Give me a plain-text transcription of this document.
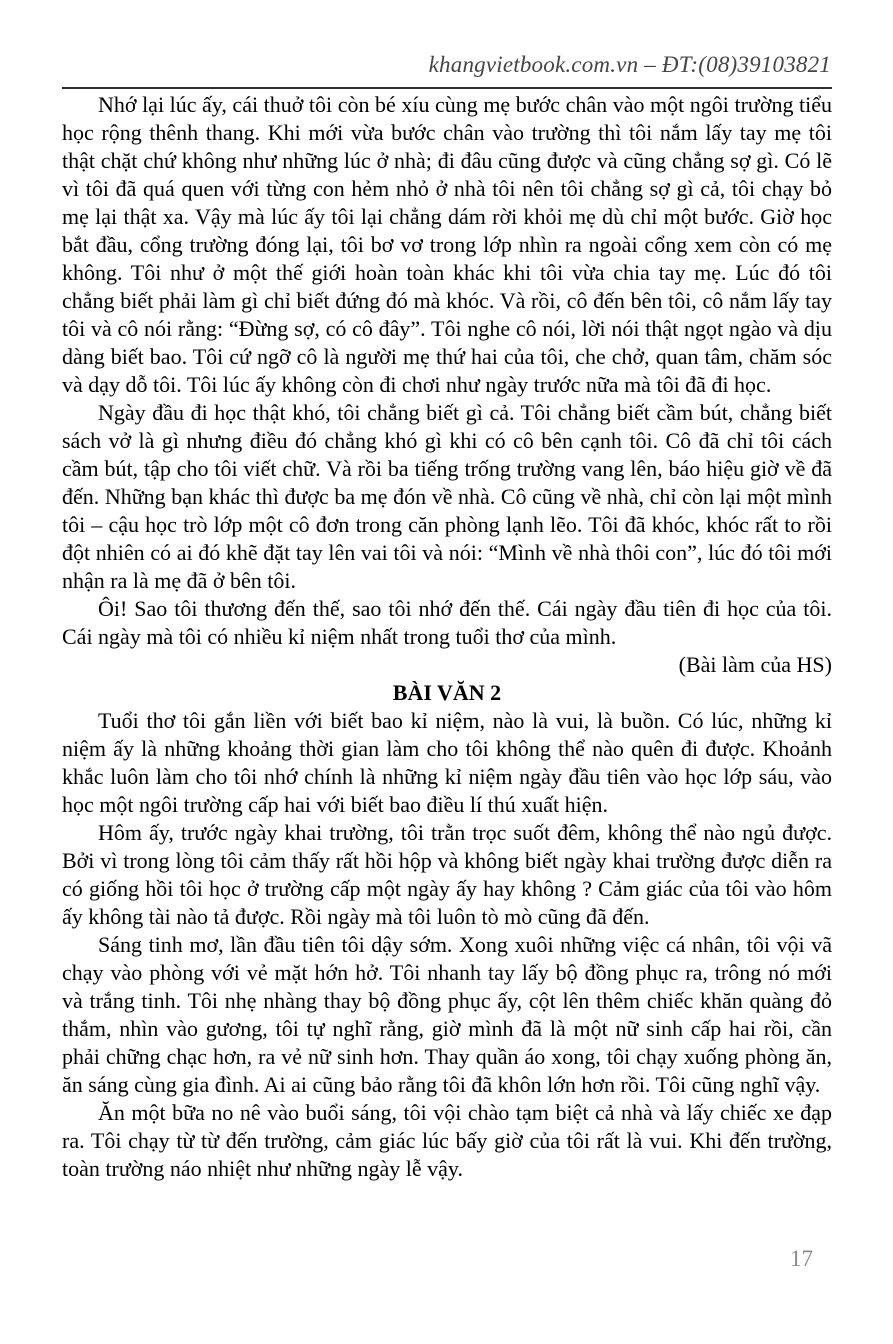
khangvietbook.com.vn – ĐT:(08)39103821

Nhớ lại lúc ấy, cái thuở tôi còn bé xíu cùng mẹ bước chân vào một ngôi trường tiểu học rộng thênh thang. Khi mới vừa bước chân vào trường thì tôi nắm lấy tay mẹ tôi thật chặt chứ không như những lúc ở nhà; đi đâu cũng được và cũng chẳng sợ gì. Có lẽ vì tôi đã quá quen với từng con hẻm nhỏ ở nhà tôi nên tôi chẳng sợ gì cả, tôi chạy bỏ mẹ lại thật xa. Vậy mà lúc ấy tôi lại chẳng dám rời khỏi mẹ dù chỉ một bước. Giờ học bắt đầu, cổng trường đóng lại, tôi bơ vơ trong lớp nhìn ra ngoài cổng xem còn có mẹ không. Tôi như ở một thế giới hoàn toàn khác khi tôi vừa chia tay mẹ. Lúc đó tôi chẳng biết phải làm gì chỉ biết đứng đó mà khóc. Và rồi, cô đến bên tôi, cô nắm lấy tay tôi và cô nói rằng: “Đừng sợ, có cô đây”. Tôi nghe cô nói, lời nói thật ngọt ngào và dịu dàng biết bao. Tôi cứ ngỡ cô là người mẹ thứ hai của tôi, che chở, quan tâm, chăm sóc và dạy dỗ tôi. Tôi lúc ấy không còn đi chơi như ngày trước nữa mà tôi đã đi học.

Ngày đầu đi học thật khó, tôi chẳng biết gì cả. Tôi chẳng biết cầm bút, chẳng biết sách vở là gì nhưng điều đó chẳng khó gì khi có cô bên cạnh tôi. Cô đã chỉ tôi cách cầm bút, tập cho tôi viết chữ. Và rồi ba tiếng trống trường vang lên, báo hiệu giờ về đã đến. Những bạn khác thì được ba mẹ đón về nhà. Cô cũng về nhà, chỉ còn lại một mình tôi – cậu học trò lớp một cô đơn trong căn phòng lạnh lẽo. Tôi đã khóc, khóc rất to rồi đột nhiên có ai đó khẽ đặt tay lên vai tôi và nói: “Mình về nhà thôi con”, lúc đó tôi mới nhận ra là mẹ đã ở bên tôi.

Ôi! Sao tôi thương đến thế, sao tôi nhớ đến thế. Cái ngày đầu tiên đi học của tôi. Cái ngày mà tôi có nhiều kỉ niệm nhất trong tuổi thơ của mình.

(Bài làm của HS)

BÀI VĂN 2

Tuổi thơ tôi gắn liền với biết bao kỉ niệm, nào là vui, là buồn. Có lúc, những kỉ niệm ấy là những khoảng thời gian làm cho tôi không thể nào quên đi được. Khoảnh khắc luôn làm cho tôi nhớ chính là những kỉ niệm ngày đầu tiên vào học lớp sáu, vào học một ngôi trường cấp hai với biết bao điều lí thú xuất hiện.

Hôm ấy, trước ngày khai trường, tôi trằn trọc suốt đêm, không thể nào ngủ được. Bởi vì trong lòng tôi cảm thấy rất hồi hộp và không biết ngày khai trường được diễn ra có giống hồi tôi học ở trường cấp một ngày ấy hay không ? Cảm giác của tôi vào hôm ấy không tài nào tả được. Rồi ngày mà tôi luôn tò mò cũng đã đến.

Sáng tinh mơ, lần đầu tiên tôi dậy sớm. Xong xuôi những việc cá nhân, tôi vội vã chạy vào phòng với vẻ mặt hớn hở. Tôi nhanh tay lấy bộ đồng phục ra, trông nó mới và trắng tinh. Tôi nhẹ nhàng thay bộ đồng phục ấy, cột lên thêm chiếc khăn quàng đỏ thắm, nhìn vào gương, tôi tự nghĩ rằng, giờ mình đã là một nữ sinh cấp hai rồi, cần phải chững chạc hơn, ra vẻ nữ sinh hơn. Thay quần áo xong, tôi chạy xuống phòng ăn, ăn sáng cùng gia đình. Ai ai cũng bảo rằng tôi đã khôn lớn hơn rồi. Tôi cũng nghĩ vậy.

Ăn một bữa no nê vào buổi sáng, tôi vội chào tạm biệt cả nhà và lấy chiếc xe đạp ra. Tôi chạy từ từ đến trường, cảm giác lúc bấy giờ của tôi rất là vui. Khi đến trường, toàn trường náo nhiệt như những ngày lễ vậy.

17
